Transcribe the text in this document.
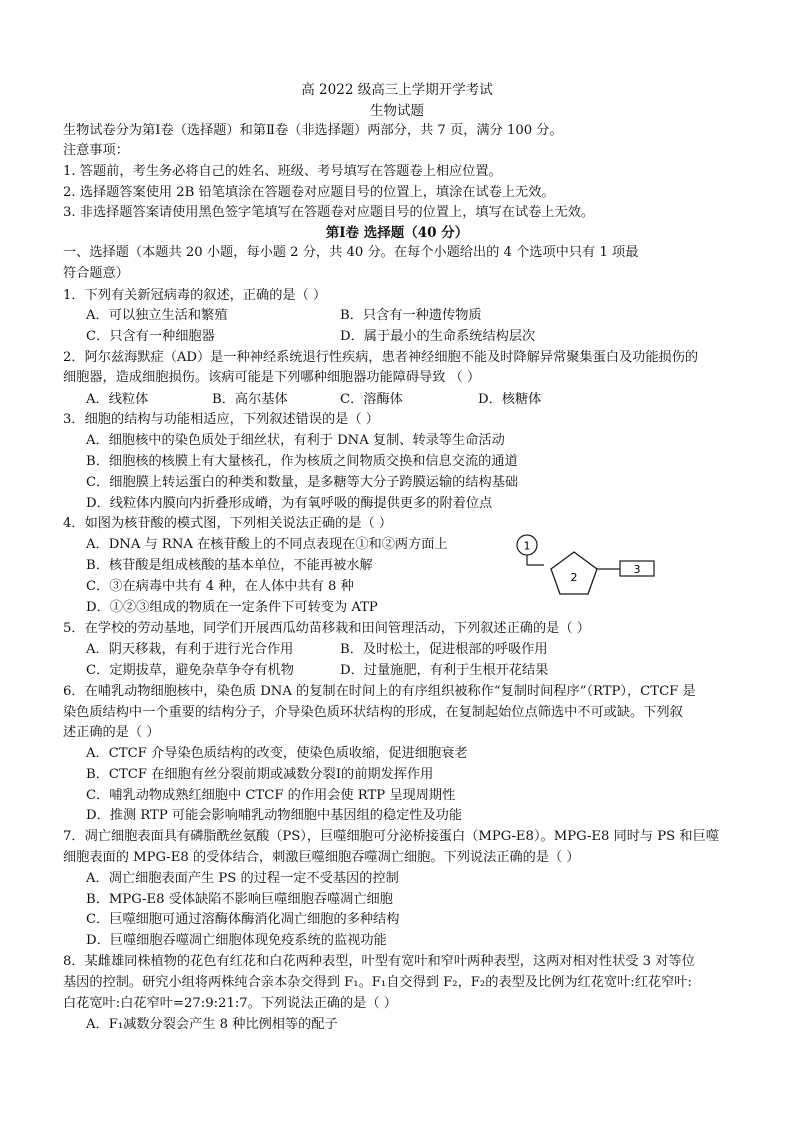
高 2022 级高三上学期开学考试
生物试题
生物试卷分为第Ⅰ卷（选择题）和第Ⅱ卷（非选择题）两部分，共 7 页，满分 100 分。
注意事项：
1. 答题前，考生务必将自己的姓名、班级、考号填写在答题卷上相应位置。
2. 选择题答案使用 2B 铅笔填涂在答题卷对应题目号的位置上，填涂在试卷上无效。
3. 非选择题答案请使用黑色签字笔填写在答题卷对应题目号的位置上，填写在试卷上无效。
第Ⅰ卷 选择题（40 分）
一、选择题（本题共 20 小题，每小题 2 分，共 40 分。在每个小题给出的 4 个选项中只有 1 项最
符合题意）
1．下列有关新冠病毒的叙述，正确的是（ ）
A．可以独立生活和繁殖	B．只含有一种遗传物质
C．只含有一种细胞器	D．属于最小的生命系统结构层次
2．阿尔兹海默症（AD）是一种神经系统退行性疾病，患者神经细胞不能及时降解异常聚集蛋白及功能损伤的
细胞器，造成细胞损伤。该病可能是下列哪种细胞器功能障碍导致 （ ）
A．线粒体	B．高尔基体	C．溶酶体	D．核糖体
3．细胞的结构与功能相适应，下列叙述错误的是（ ）
A．细胞核中的染色质处于细丝状，有利于 DNA 复制、转录等生命活动
B．细胞核的核膜上有大量核孔，作为核质之间物质交换和信息交流的通道
C．细胞膜上转运蛋白的种类和数量，是多糖等大分子跨膜运输的结构基础
D．线粒体内膜向内折叠形成嵴，为有氧呼吸的酶提供更多的附着位点
4．如图为核苷酸的模式图，下列相关说法正确的是（ ）
A．DNA 与 RNA 在核苷酸上的不同点表现在①和②两方面上
B．核苷酸是组成核酸的基本单位，不能再被水解
C．③在病毒中共有 4 种，在人体中共有 8 种
D．①②③组成的物质在一定条件下可转变为 ATP
1
2
3
5．在学校的劳动基地，同学们开展西瓜幼苗移栽和田间管理活动，下列叙述正确的是（ ）
A．阴天移栽，有利于进行光合作用	B．及时松土，促进根部的呼吸作用
C．定期拔草，避免杂草争夺有机物	D．过量施肥，有利于生根开花结果
6．在哺乳动物细胞核中，染色质 DNA 的复制在时间上的有序组织被称作“复制时间程序”（RTP），CTCF 是
染色质结构中一个重要的结构分子，介导染色质环状结构的形成，在复制起始位点筛选中不可或缺。下列叙
述正确的是（ ）
A．CTCF 介导染色质结构的改变，使染色质收缩，促进细胞衰老
B．CTCF 在细胞有丝分裂前期或减数分裂Ⅰ的前期发挥作用
C．哺乳动物成熟红细胞中 CTCF 的作用会使 RTP 呈现周期性
D．推测 RTP 可能会影响哺乳动物细胞中基因组的稳定性及功能
7．凋亡细胞表面具有磷脂酰丝氨酸（PS），巨噬细胞可分泌桥接蛋白（MPG-E8）。MPG-E8 同时与 PS 和巨噬
细胞表面的 MPG-E8 的受体结合，刺激巨噬细胞吞噬凋亡细胞。下列说法正确的是（ ）
A．凋亡细胞表面产生 PS 的过程一定不受基因的控制
B．MPG-E8 受体缺陷不影响巨噬细胞吞噬凋亡细胞
C．巨噬细胞可通过溶酶体酶消化凋亡细胞的多种结构
D．巨噬细胞吞噬凋亡细胞体现免疫系统的监视功能
8．某雌雄同株植物的花色有红花和白花两种表型，叶型有宽叶和窄叶两种表型，这两对相对性状受 3 对等位
基因的控制。研究小组将两株纯合亲本杂交得到 F₁。F₁自交得到 F₂，F₂的表型及比例为红花宽叶:红花窄叶:
白花宽叶:白花窄叶=27:9:21:7。下列说法正确的是（ ）
A．F₁减数分裂会产生 8 种比例相等的配子
